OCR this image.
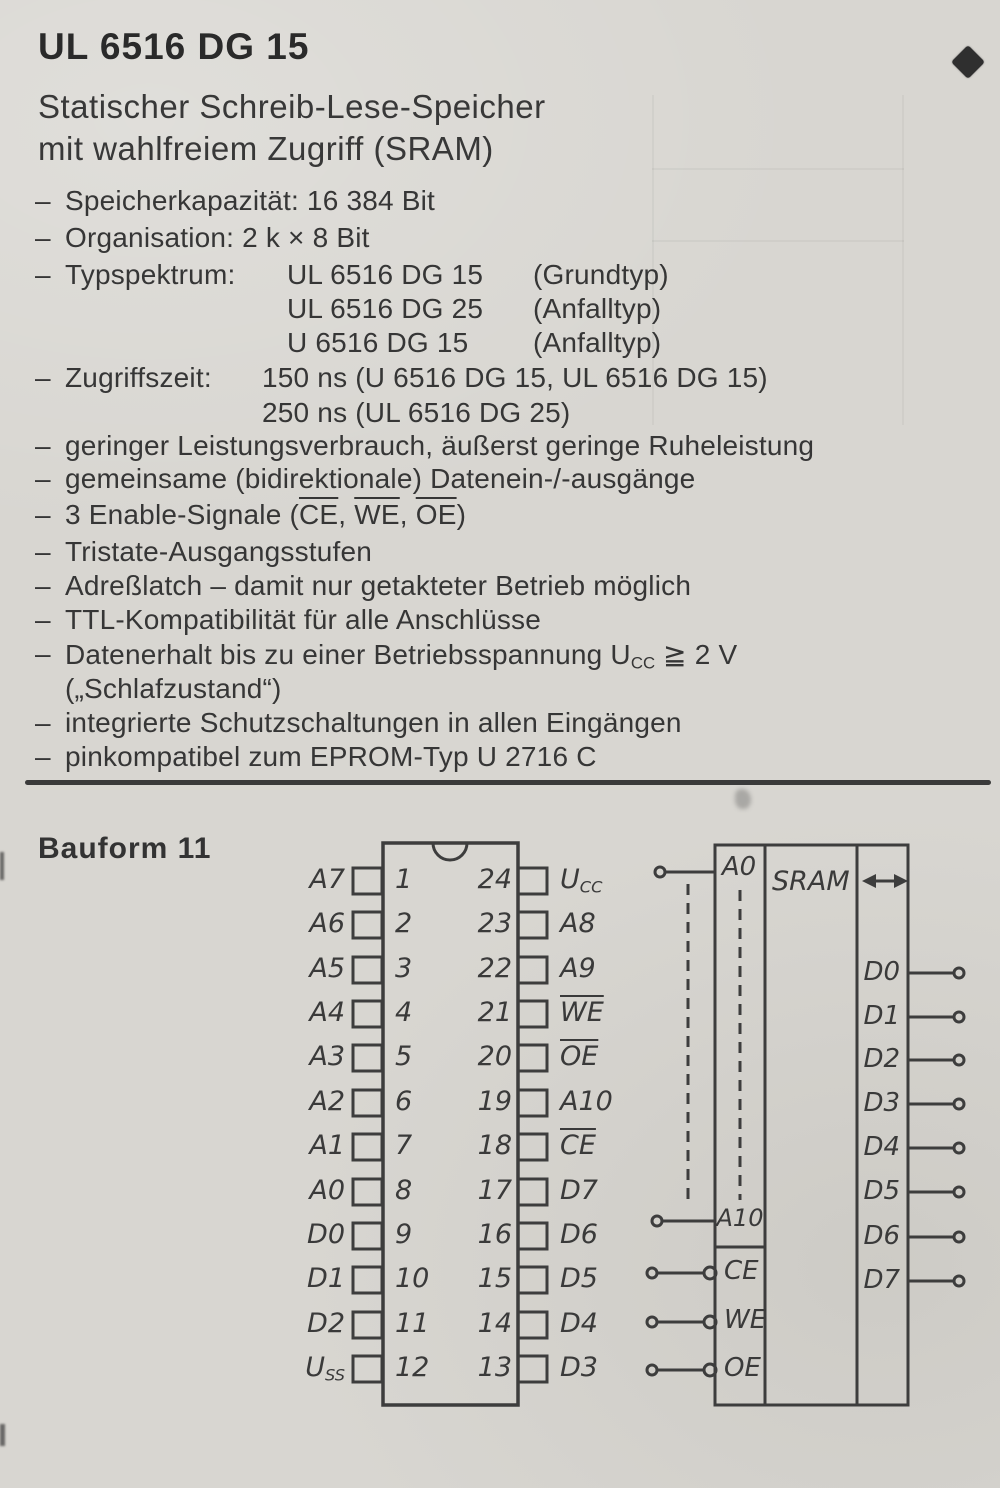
UL 6516 DG 15
Statischer Schreib-Lese-Speicher
mit wahlfreiem Zugriff (SRAM)
– Speicherkapazität: 16 384 Bit
– Organisation: 2 k × 8 Bit
– Typspektrum: UL 6516 DG 15 (Grundtyp)
UL 6516 DG 25 (Anfalltyp)
U 6516 DG 15 (Anfalltyp)
– Zugriffszeit: 150 ns (U 6516 DG 15, UL 6516 DG 15)
250 ns (UL 6516 DG 25)
– geringer Leistungsverbrauch, äußerst geringe Ruheleistung
– gemeinsame (bidirektionale) Datenein-/-ausgänge
– 3 Enable-Signale ($\overline{CE}$, $\overline{WE}$, $\overline{OE}$)
– Tristate-Ausgangsstufen
– Adreßlatch – damit nur getakteter Betrieb möglich
– TTL-Kompatibilität für alle Anschlüsse
– Datenerhalt bis zu einer Betriebsspannung $U_{CC}$ ≧ 2 V
(„Schlafzustand“)
– integrierte Schutzschaltungen in allen Eingängen
– pinkompatibel zum EPROM-Typ U 2716 C
Bauform 11
A7 1	24 $U_{CC}$
A6 2	23 A8
A5 3	22 A9
A4 4	21 $\overline{WE}$
A3 5	20 $\overline{OE}$
A2 6	19 A10
A1 7	18 $\overline{CE}$
A0 8	17 D7
D0 9	16 D6
D1 10	15 D5
D2 11	14 D4
$U_{SS}$ 12	13 D3
A0 SRAM
A10
CE
WE
OE
D0
D1
D2
D3
D4
D5
D6
D7
